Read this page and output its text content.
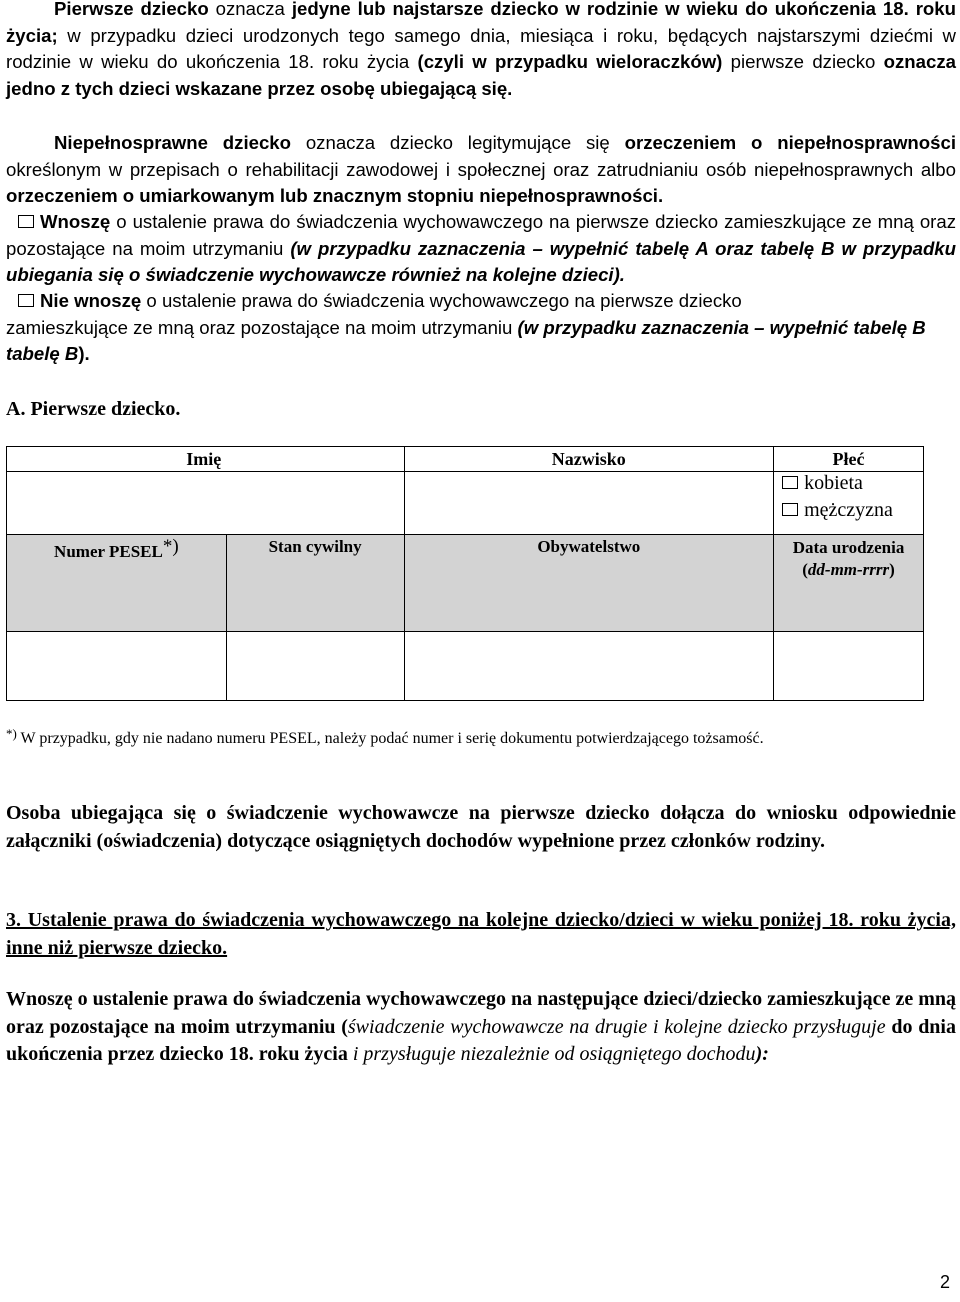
Pierwsze dziecko oznacza jedyne lub najstarsze dziecko w rodzinie w wieku do ukończenia 18. roku życia; w przypadku dzieci urodzonych tego samego dnia, miesiąca i roku, będących najstarszymi dziećmi w rodzinie w wieku do ukończenia 18. roku życia (czyli w przypadku wieloraczków) pierwsze dziecko oznacza jedno z tych dzieci wskazane przez osobę ubiegającą się.

Niepełnosprawne dziecko oznacza dziecko legitymujące się orzeczeniem o niepełnosprawności określonym w przepisach o rehabilitacji zawodowej i społecznej oraz zatrudnianiu osób niepełnosprawnych albo orzeczeniem o umiarkowanym lub znacznym stopniu niepełnosprawności.

Wnoszę o ustalenie prawa do świadczenia wychowawczego na pierwsze dziecko zamieszkujące ze mną oraz pozostające na moim utrzymaniu (w przypadku zaznaczenia – wypełnić tabelę A oraz tabelę B w przypadku ubiegania się o świadczenie wychowawcze również na kolejne dzieci).

Nie wnoszę o ustalenie prawa do świadczenia wychowawczego na pierwsze dziecko
zamieszkujące ze mną oraz pozostające na moim utrzymaniu (w przypadku zaznaczenia – wypełnić tabelę B
tabelę B).

A. Pierwsze dziecko.
	Imię	Nazwisko	Płeć

			kobieta
mężczyzna

Numer PESEL*)	Stan cywilny	Obywatelstwo	Data urodzenia
(dd-mm-rrrr)

*) W przypadku, gdy nie nadano numeru PESEL, należy podać numer i serię dokumentu potwierdzającego tożsamość.

Osoba ubiegająca się o świadczenie wychowawcze na pierwsze dziecko dołącza do wniosku odpowiednie załączniki (oświadczenia) dotyczące osiągniętych dochodów wypełnione przez członków rodziny.

3. Ustalenie prawa do świadczenia wychowawczego na kolejne dziecko/dzieci w wieku poniżej 18. roku życia, inne niż pierwsze dziecko.

Wnoszę o ustalenie prawa do świadczenia wychowawczego na następujące dzieci/dziecko zamieszkujące ze mną oraz pozostające na moim utrzymaniu (świadczenie wychowawcze na drugie i kolejne dziecko przysługuje do dnia ukończenia przez dziecko 18. roku życia i przysługuje niezależnie od osiągniętego dochodu):

2
